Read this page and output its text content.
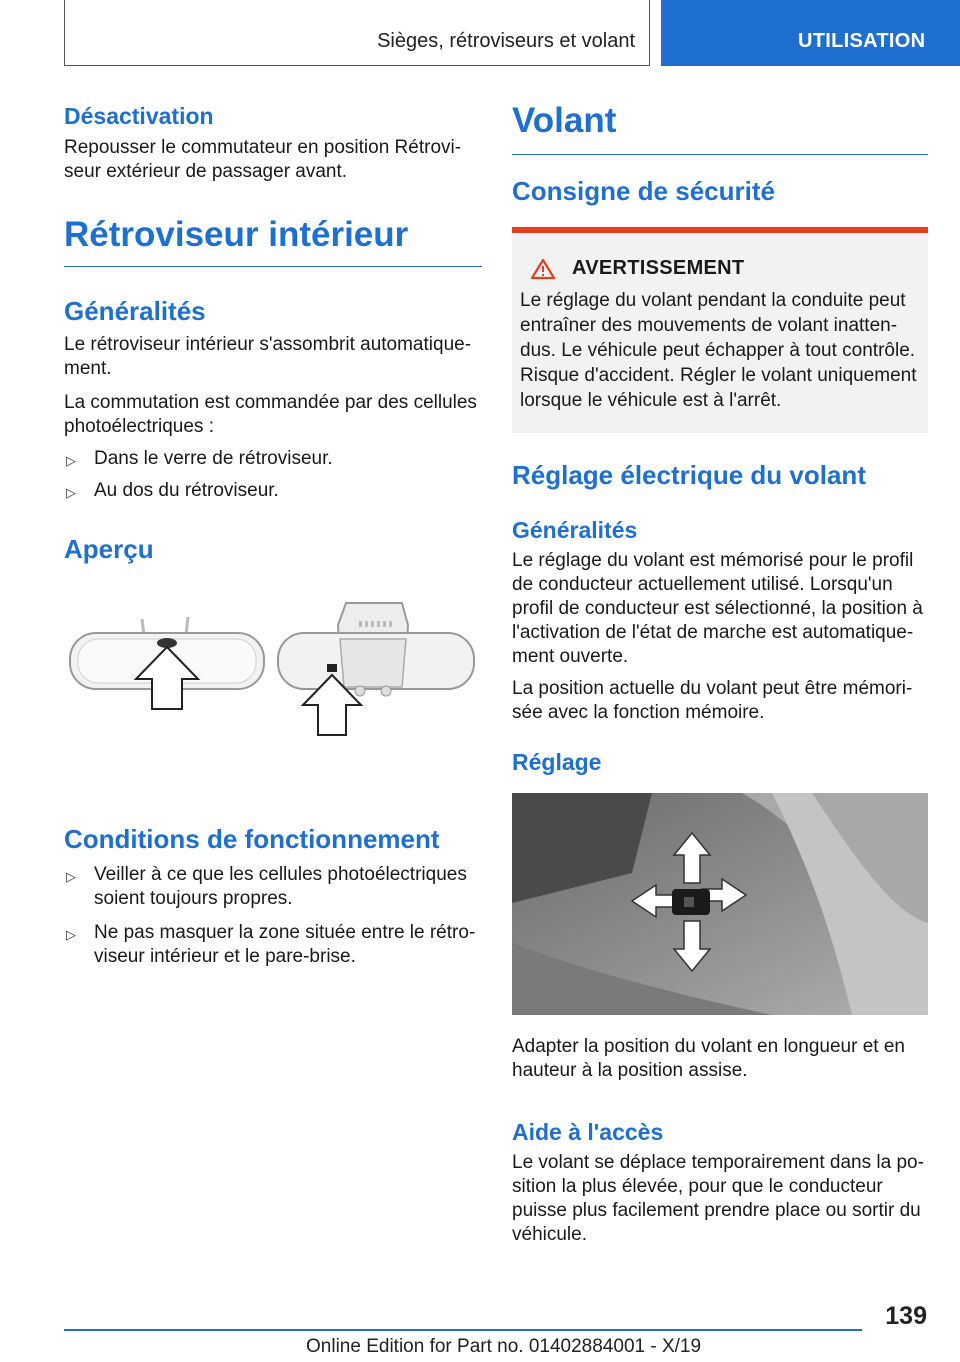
Sièges, rétroviseurs et volant	UTILISATION
Désactivation

Repousser le commutateur en position Rétroviseur extérieur de passager avant.

Rétroviseur intérieur
Généralités

Le rétroviseur intérieur s'assombrit automatiquement.

La commutation est commandée par des cellules photoélectriques :

▷ Dans le verre de rétroviseur.
▷ Au dos du rétroviseur.
Aperçu
Conditions de fonctionnement
▷ Veiller à ce que les cellules photoélectriques soient toujours propres.
▷ Ne pas masquer la zone située entre le rétroviseur intérieur et le pare-brise.
Volant
Consigne de sécurité
AVERTISSEMENT

Le réglage du volant pendant la conduite peut entraîner des mouvements de volant inattendus. Le véhicule peut échapper à tout contrôle. Risque d'accident. Régler le volant uniquement lorsque le véhicule est à l'arrêt.

Réglage électrique du volant
Généralités

Le réglage du volant est mémorisé pour le profil de conducteur actuellement utilisé. Lorsqu'un profil de conducteur est sélectionné, la position à l'activation de l'état de marche est automatiquement ouverte.

La position actuelle du volant peut être mémorisée avec la fonction mémoire.

Réglage

Adapter la position du volant en longueur et en hauteur à la position assise.

Aide à l'accès

Le volant se déplace temporairement dans la position la plus élevée, pour que le conducteur puisse plus facilement prendre place ou sortir du véhicule.

139
Online Edition for Part no. 01402884001 - X/19
